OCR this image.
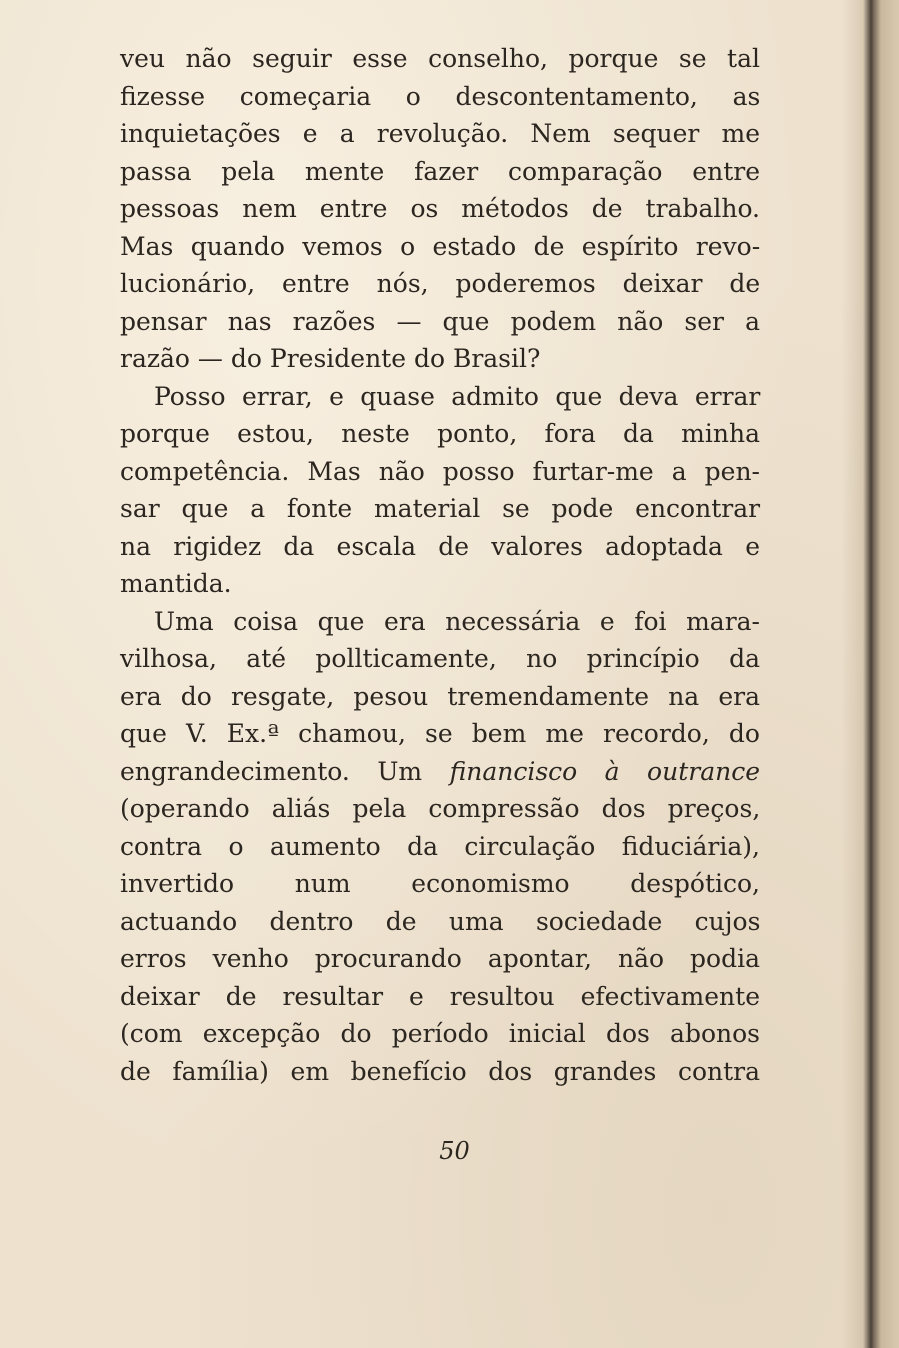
veu não seguir esse conselho, porque se tal
fizesse começaria o descontentamento, as
inquietações e a revolução. Nem sequer me
passa pela mente fazer comparação entre
pessoas nem entre os métodos de trabalho.
Mas quando vemos o estado de espírito revo-
lucionário, entre nós, poderemos deixar de
pensar nas razões — que podem não ser a
razão — do Presidente do Brasil?

Posso errar, e quase admito que deva errar
porque estou, neste ponto, fora da minha
competência. Mas não posso furtar-me a pen-
sar que a fonte material se pode encontrar
na rigidez da escala de valores adoptada e
mantida.

Uma coisa que era necessária e foi mara-
vilhosa, até pollticamente, no princípio da
era do resgate, pesou tremendamente na era
que V. Ex.ª chamou, se bem me recordo, do
engrandecimento. Um financisco à outrance
(operando aliás pela compressão dos preços,
contra o aumento da circulação fiduciária),
invertido num economismo despótico,
actuando dentro de uma sociedade cujos
erros venho procurando apontar, não podia
deixar de resultar e resultou efectivamente
(com excepção do período inicial dos abonos
de família) em benefício dos grandes contra

50
